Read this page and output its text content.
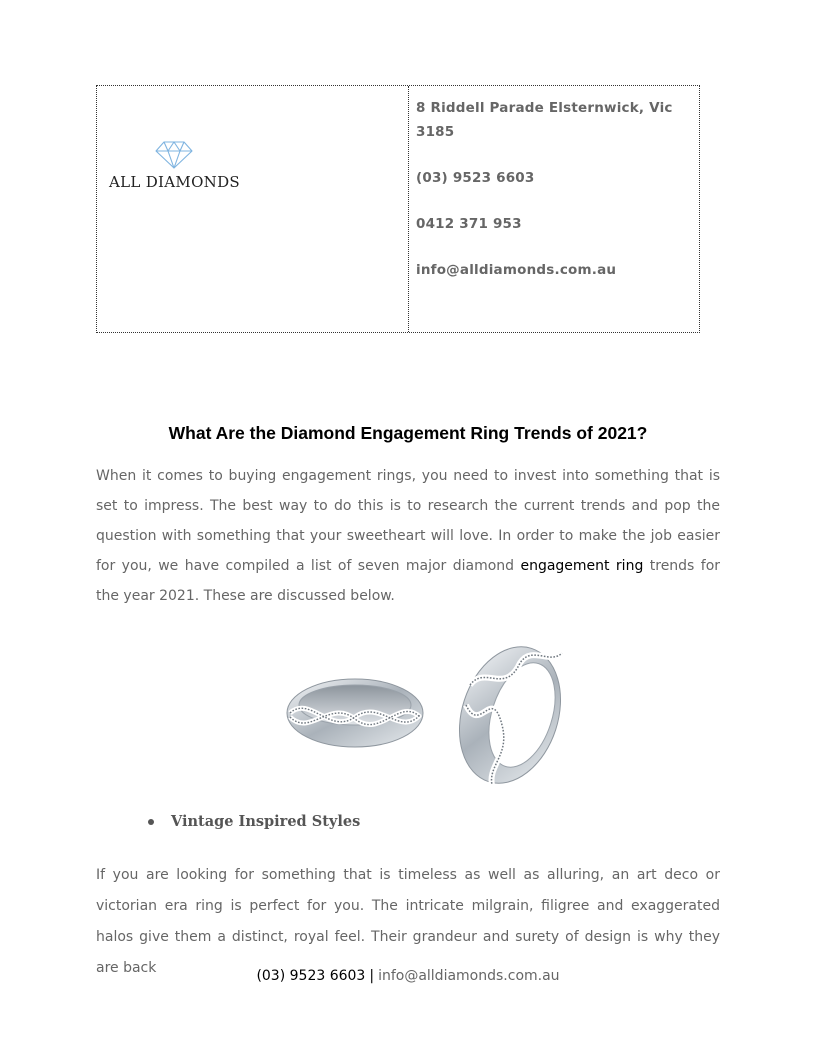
ALL DIAMONDS

8 Riddell Parade Elsternwick, Vic 3185

(03) 9523 6603

0412 371 953

info@alldiamonds.com.au

What Are the Diamond Engagement Ring Trends of 2021?

When it comes to buying engagement rings, you need to invest into something that is set to impress. The best way to do this is to research the current trends and pop the question with something that your sweetheart will love. In order to make the job easier for you, we have compiled a list of seven major diamond engagement ring trends for the year 2021. These are discussed below.

Vintage Inspired Styles

If you are looking for something that is timeless as well as alluring, an art deco or victorian era ring is perfect for you. The intricate milgrain, filigree and exaggerated halos give them a distinct, royal feel. Their grandeur and surety of design is why they are back	(03) 9523 6603 | info@alldiamonds.com.au
